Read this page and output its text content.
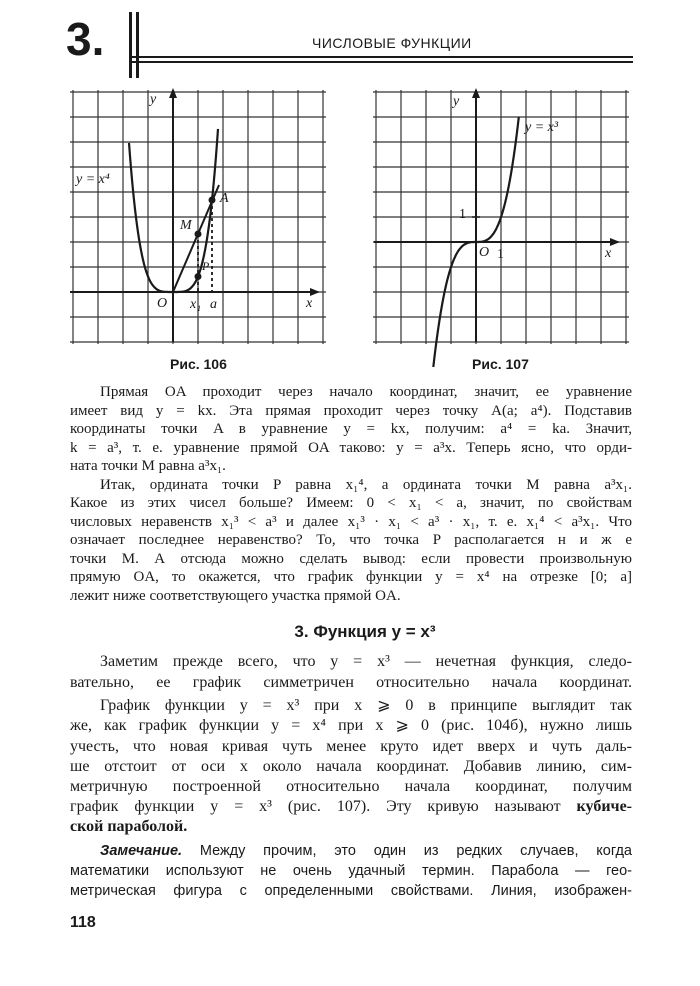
3.	ЧИСЛОВЫЕ ФУНКЦИИ
y
y = x⁴
A
M
P
O x₁ a	x
Рис. 106
y
y = x³
1
O 1	x
Рис. 107
Прямая OA проходит через начало координат, значит, ее уравнение
имеет вид y = kx. Эта прямая проходит через точку A(a; a⁴). Подставив
координаты точки A в уравнение y = kx, получим: a⁴ = ka. Значит,
k = a³, т. е. уравнение прямой OA таково: y = a³x. Теперь ясно, что орди-
ната точки M равна a³x₁.
Итак, ордината точки P равна x₁⁴, а ордината точки M равна a³x₁.
Какое из этих чисел больше? Имеем: 0 < x₁ < a, значит, по свойствам
числовых неравенств x₁³ < a³ и далее x₁³ · x₁ < a³ · x₁, т. е. x₁⁴ < a³x₁. Что
означает последнее неравенство? То, что точка P располагается н и ж е
точки M. А отсюда можно сделать вывод: если провести произвольную
прямую OA, то окажется, что график функции y = x⁴ на отрезке [0; a]
лежит ниже соответствующего участка прямой OA.
3. Функция y = x³
Заметим прежде всего, что y = x³ — нечетная функция, следо-
вательно, ее график симметричен относительно начала координат.
График функции y = x³ при x ⩾ 0 в принципе выглядит так
же, как график функции y = x⁴ при x ⩾ 0 (рис. 104б), нужно лишь
учесть, что новая кривая чуть менее круто идет вверх и чуть даль-
ше отстоит от оси x около начала координат. Добавив линию, сим-
метричную построенной относительно начала координат, получим
график функции y = x³ (рис. 107). Эту кривую называют кубиче-
ской параболой.
Замечание. Между прочим, это один из редких случаев, когда
математики используют не очень удачный термин. Парабола — гео-
метрическая фигура с определенными свойствами. Линия, изображен-
118
